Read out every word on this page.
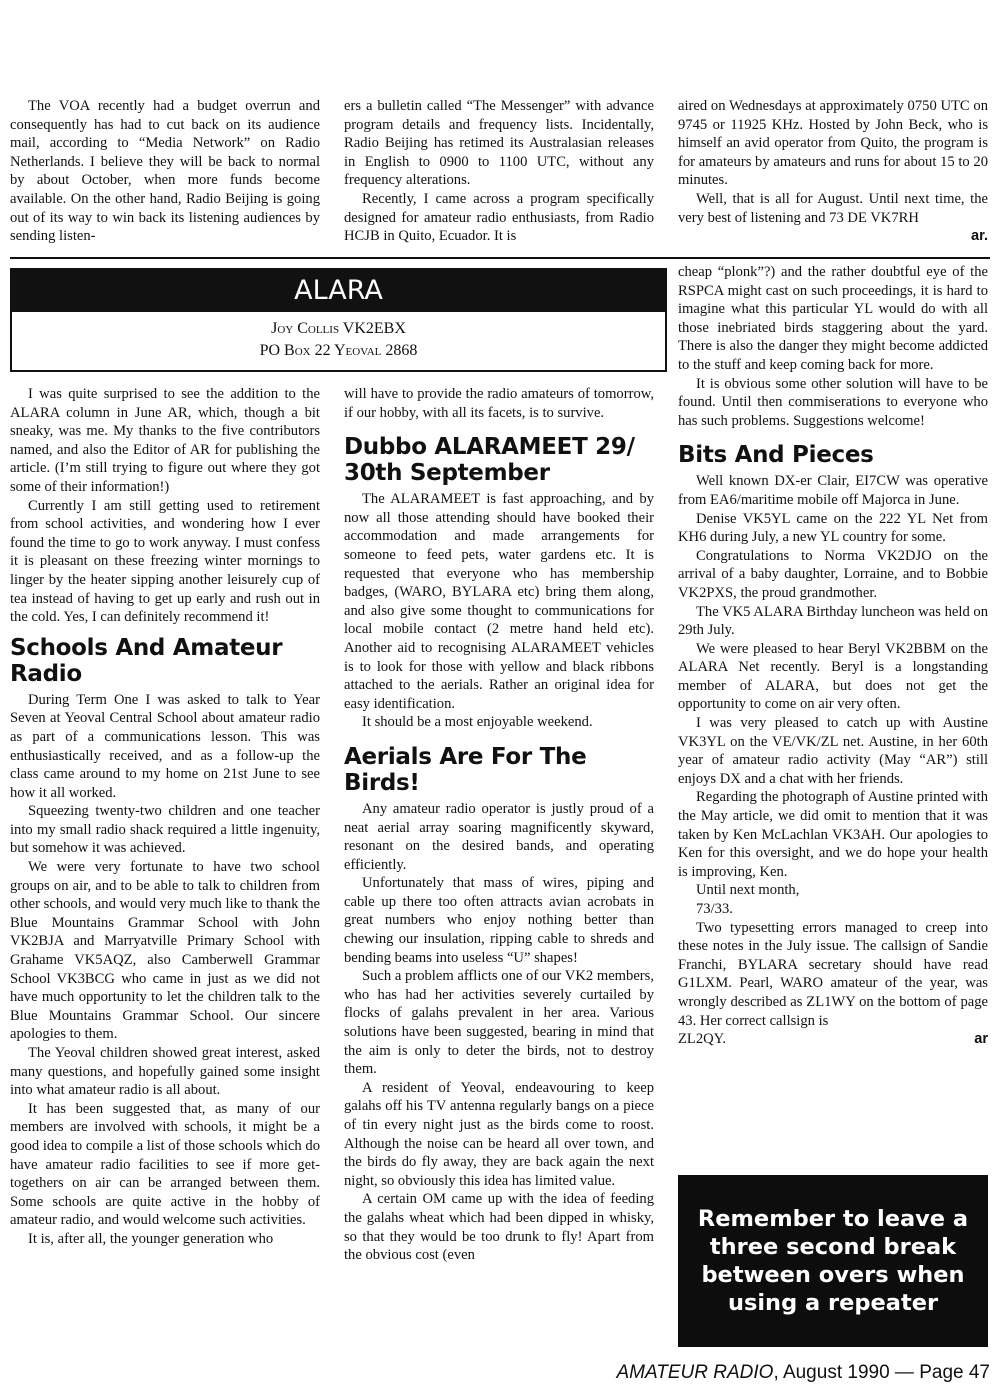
The VOA recently had a budget overrun and consequently has had to cut back on its audience mail, according to “Media Network” on Radio Netherlands. I believe they will be back to normal by about October, when more funds become available. On the other hand, Radio Beijing is going out of its way to win back its listening audiences by sending listen-

ers a bulletin called “The Messenger” with advance program details and frequency lists. Incidentally, Radio Beijing has retimed its Australasian releases in English to 0900 to 1100 UTC, without any frequency alterations.

Recently, I came across a program specifically designed for amateur radio enthusiasts, from Radio HCJB in Quito, Ecuador. It is

aired on Wednesdays at approximately 0750 UTC on 9745 or 11925 KHz. Hosted by John Beck, who is himself an avid operator from Quito, the program is for amateurs by amateurs and runs for about 15 to 20 minutes.

Well, that is all for August. Until next time, the very best of listening and 73 DE VK7RH

ar.
ALARA
Joy Collis VK2EBX
PO Box 22 Yeoval 2868

I was quite surprised to see the addition to the ALARA column in June AR, which, though a bit sneaky, was me. My thanks to the five contributors named, and also the Editor of AR for publishing the article. (I’m still trying to figure out where they got some of their information!)

Currently I am still getting used to retirement from school activities, and wondering how I ever found the time to go to work anyway. I must confess it is pleasant on these freezing winter mornings to linger by the heater sipping another leisurely cup of tea instead of having to get up early and rush out in the cold. Yes, I can definitely recommend it!

Schools And Amateur Radio

During Term One I was asked to talk to Year Seven at Yeoval Central School about amateur radio as part of a communications lesson. This was enthusiastically received, and as a follow-up the class came around to my home on 21st June to see how it all worked.

Squeezing twenty-two children and one teacher into my small radio shack required a little ingenuity, but somehow it was achieved.

We were very fortunate to have two school groups on air, and to be able to talk to children from other schools, and would very much like to thank the Blue Mountains Grammar School with John VK2BJA and Marryatville Primary School with Grahame VK5AQZ, also Camberwell Grammar School VK3BCG who came in just as we did not have much opportunity to let the children talk to the Blue Mountains Grammar School. Our sincere apologies to them.

The Yeoval children showed great interest, asked many questions, and hopefully gained some insight into what amateur radio is all about.

It has been suggested that, as many of our members are involved with schools, it might be a good idea to compile a list of those schools which do have amateur radio facilities to see if more get-togethers on air can be arranged between them. Some schools are quite active in the hobby of amateur radio, and would welcome such activities.

It is, after all, the younger generation who

will have to provide the radio amateurs of tomorrow, if our hobby, with all its facets, is to survive.

Dubbo ALARAMEET 29/ 30th September

The ALARAMEET is fast approaching, and by now all those attending should have booked their accommodation and made arrangements for someone to feed pets, water gardens etc. It is requested that everyone who has membership badges, (WARO, BYLARA etc) bring them along, and also give some thought to communications for local mobile contact (2 metre hand held etc). Another aid to recognising ALARAMEET vehicles is to look for those with yellow and black ribbons attached to the aerials. Rather an original idea for easy identification.

It should be a most enjoyable weekend.

Aerials Are For The Birds!

Any amateur radio operator is justly proud of a neat aerial array soaring magnificently skyward, resonant on the desired bands, and operating efficiently.

Unfortunately that mass of wires, piping and cable up there too often attracts avian acrobats in great numbers who enjoy nothing better than chewing our insulation, ripping cable to shreds and bending beams into useless “U” shapes!

Such a problem afflicts one of our VK2 members, who has had her activities severely curtailed by flocks of galahs prevalent in her area. Various solutions have been suggested, bearing in mind that the aim is only to deter the birds, not to destroy them.

A resident of Yeoval, endeavouring to keep galahs off his TV antenna regularly bangs on a piece of tin every night just as the birds come to roost. Although the noise can be heard all over town, and the birds do fly away, they are back again the next night, so obviously this idea has limited value.

A certain OM came up with the idea of feeding the galahs wheat which had been dipped in whisky, so that they would be too drunk to fly! Apart from the obvious cost (even

cheap “plonk”?) and the rather doubtful eye of the RSPCA might cast on such proceedings, it is hard to imagine what this particular YL would do with all those inebriated birds staggering about the yard. There is also the danger they might become addicted to the stuff and keep coming back for more.

It is obvious some other solution will have to be found. Until then commiserations to everyone who has such problems. Suggestions welcome!

Bits And Pieces

Well known DX-er Clair, EI7CW was operative from EA6/maritime mobile off Majorca in June.

Denise VK5YL came on the 222 YL Net from KH6 during July, a new YL country for some.

Congratulations to Norma VK2DJO on the arrival of a baby daughter, Lorraine, and to Bobbie VK2PXS, the proud grandmother.

The VK5 ALARA Birthday luncheon was held on 29th July.

We were pleased to hear Beryl VK2BBM on the ALARA Net recently. Beryl is a longstanding member of ALARA, but does not get the opportunity to come on air very often.

I was very pleased to catch up with Austine VK3YL on the VE/VK/ZL net. Austine, in her 60th year of amateur radio activity (May “AR”) still enjoys DX and a chat with her friends.

Regarding the photograph of Austine printed with the May article, we did omit to mention that it was taken by Ken McLachlan VK3AH. Our apologies to Ken for this oversight, and we do hope your health is improving, Ken.

Until next month,

73/33.

Two typesetting errors managed to creep into these notes in the July issue. The callsign of Sandie Franchi, BYLARA secretary should have read G1LXM. Pearl, WARO amateur of the year, was wrongly described as ZL1WY on the bottom of page 43. Her correct callsign is

ZL2QY.	ar
Remember to leave a
three second break
between overs when
using a repeater
AMATEUR RADIO, August 1990 — Page 47
